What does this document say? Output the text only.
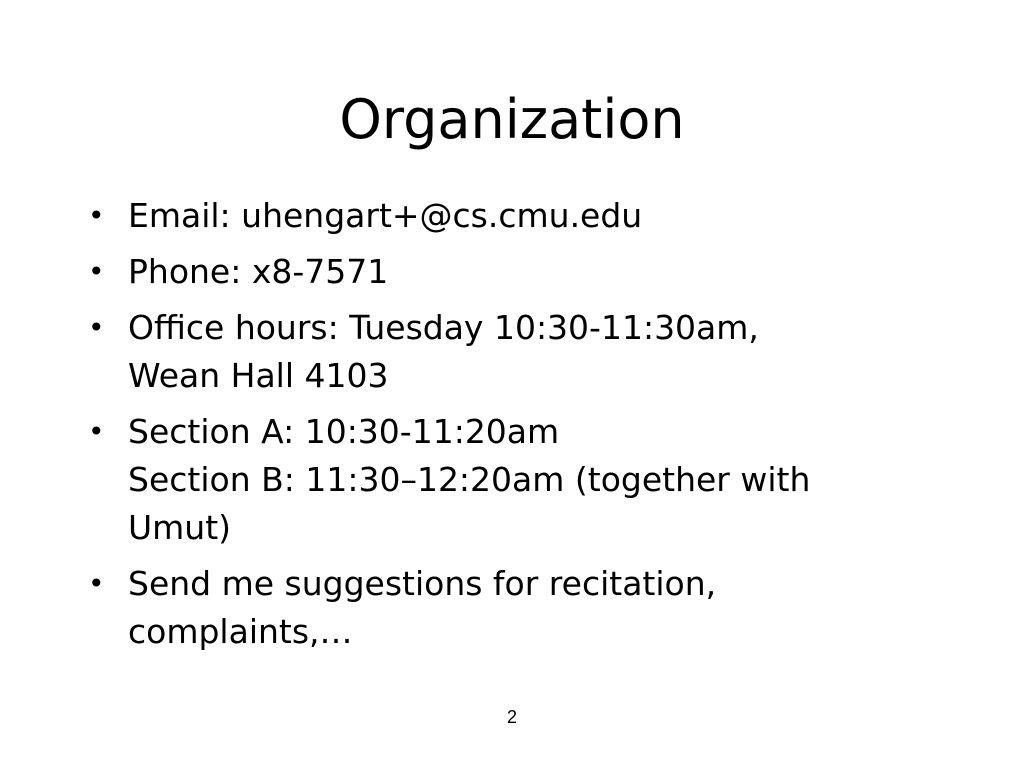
Organization
• Email: uhengart+@cs.cmu.edu
• Phone: x8-7571
• Office hours: Tuesday 10:30-11:30am,
Wean Hall 4103
• Section A: 10:30-11:20am
Section B: 11:30–12:20am (together with
Umut)
• Send me suggestions for recitation,
complaints,…
2
